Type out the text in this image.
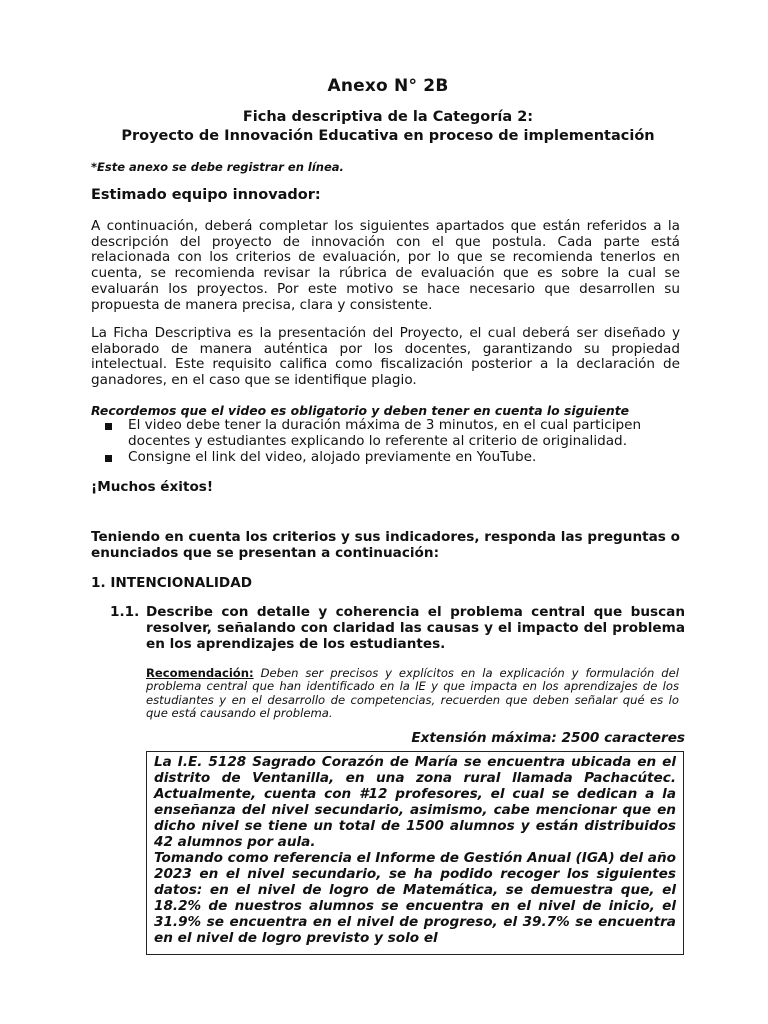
Anexo N° 2B
Ficha descriptiva de la Categoría 2:
Proyecto de Innovación Educativa en proceso de implementación
*Este anexo se debe registrar en línea.
Estimado equipo innovador:
A continuación, deberá completar los siguientes apartados que están referidos a la descripción del proyecto de innovación con el que postula. Cada parte está relacionada con los criterios de evaluación, por lo que se recomienda tenerlos en cuenta, se recomienda revisar la rúbrica de evaluación que es sobre la cual se evaluarán los proyectos. Por este motivo se hace necesario que desarrollen su propuesta de manera precisa, clara y consistente.
La Ficha Descriptiva es la presentación del Proyecto, el cual deberá ser diseñado y elaborado de manera auténtica por los docentes, garantizando su propiedad intelectual. Este requisito califica como fiscalización posterior a la declaración de ganadores, en el caso que se identifique plagio.
Recordemos que el video es obligatorio y deben tener en cuenta lo siguiente
El video debe tener la duración máxima de 3 minutos, en el cual participen docentes y estudiantes explicando lo referente al criterio de originalidad.
Consigne el link del video, alojado previamente en YouTube.
¡Muchos éxitos!
Teniendo en cuenta los criterios y sus indicadores, responda las preguntas o enunciados que se presentan a continuación:
1. INTENCIONALIDAD
1.1. Describe con detalle y coherencia el problema central que buscan resolver, señalando con claridad las causas y el impacto del problema en los aprendizajes de los estudiantes.
Recomendación: Deben ser precisos y explícitos en la explicación y formulación del problema central que han identificado en la IE y que impacta en los aprendizajes de los estudiantes y en el desarrollo de competencias, recuerden que deben señalar qué es lo que está causando el problema.
Extensión máxima: 2500 caracteres

La I.E. 5128 Sagrado Corazón de María se encuentra ubicada en el distrito de Ventanilla, en una zona rural llamada Pachacútec. Actualmente, cuenta con #12 profesores, el cual se dedican a la enseñanza del nivel secundario, asimismo, cabe mencionar que en dicho nivel se tiene un total de 1500 alumnos y están distribuidos 42 alumnos por aula.

Tomando como referencia el Informe de Gestión Anual (IGA) del año 2023 en el nivel secundario, se ha podido recoger los siguientes datos: en el nivel de logro de Matemática, se demuestra que, el 18.2% de nuestros alumnos se encuentra en el nivel de inicio, el 31.9% se encuentra en el nivel de progreso, el 39.7% se encuentra en el nivel de logro previsto y solo el
